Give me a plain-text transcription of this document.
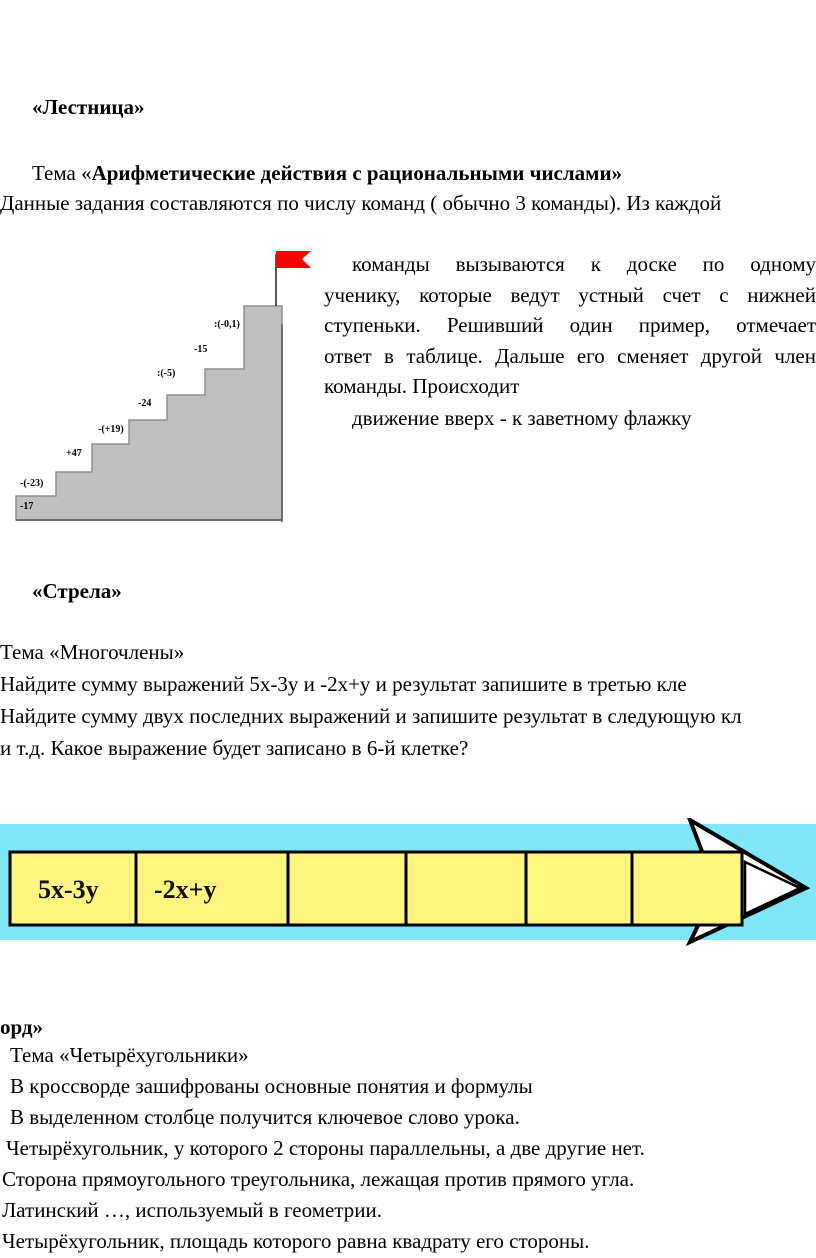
«Лестница»
Тема «Арифметические действия с рациональными числами»
Данные задания составляются по числу команд ( обычно 3 команды). Из каждой
-17
-(-23)
+47
-(+19)
-24
:(-5)
-15
:(-0,1)
команды вызываются к доске по одному
ученику, которые ведут устный счет с нижней
ступеньки. Решивший один пример, отмечает
ответ в таблице. Дальше его сменяет другой член
команды. Происходит
движение вверх - к заветному флажку
«Стрела»
Тема «Многочлены»
Найдите сумму выражений 5х-3у и -2х+у и результат запишите в третью кле
Найдите сумму двух последних выражений и запишите результат в следующую кл
и т.д. Какое выражение будет записано в 6-й клетке?
5x-3y -2x+y
орд»
Тема «Четырёхугольники»
В кроссворде зашифрованы основные понятия и формулы
В выделенном столбце получится ключевое слово урока.
Четырёхугольник, у которого 2 стороны параллельны, а две другие нет.
Сторона прямоугольного треугольника, лежащая против прямого угла.
Латинский …, используемый в геометрии.
Четырёхугольник, площадь которого равна квадрату его стороны.
